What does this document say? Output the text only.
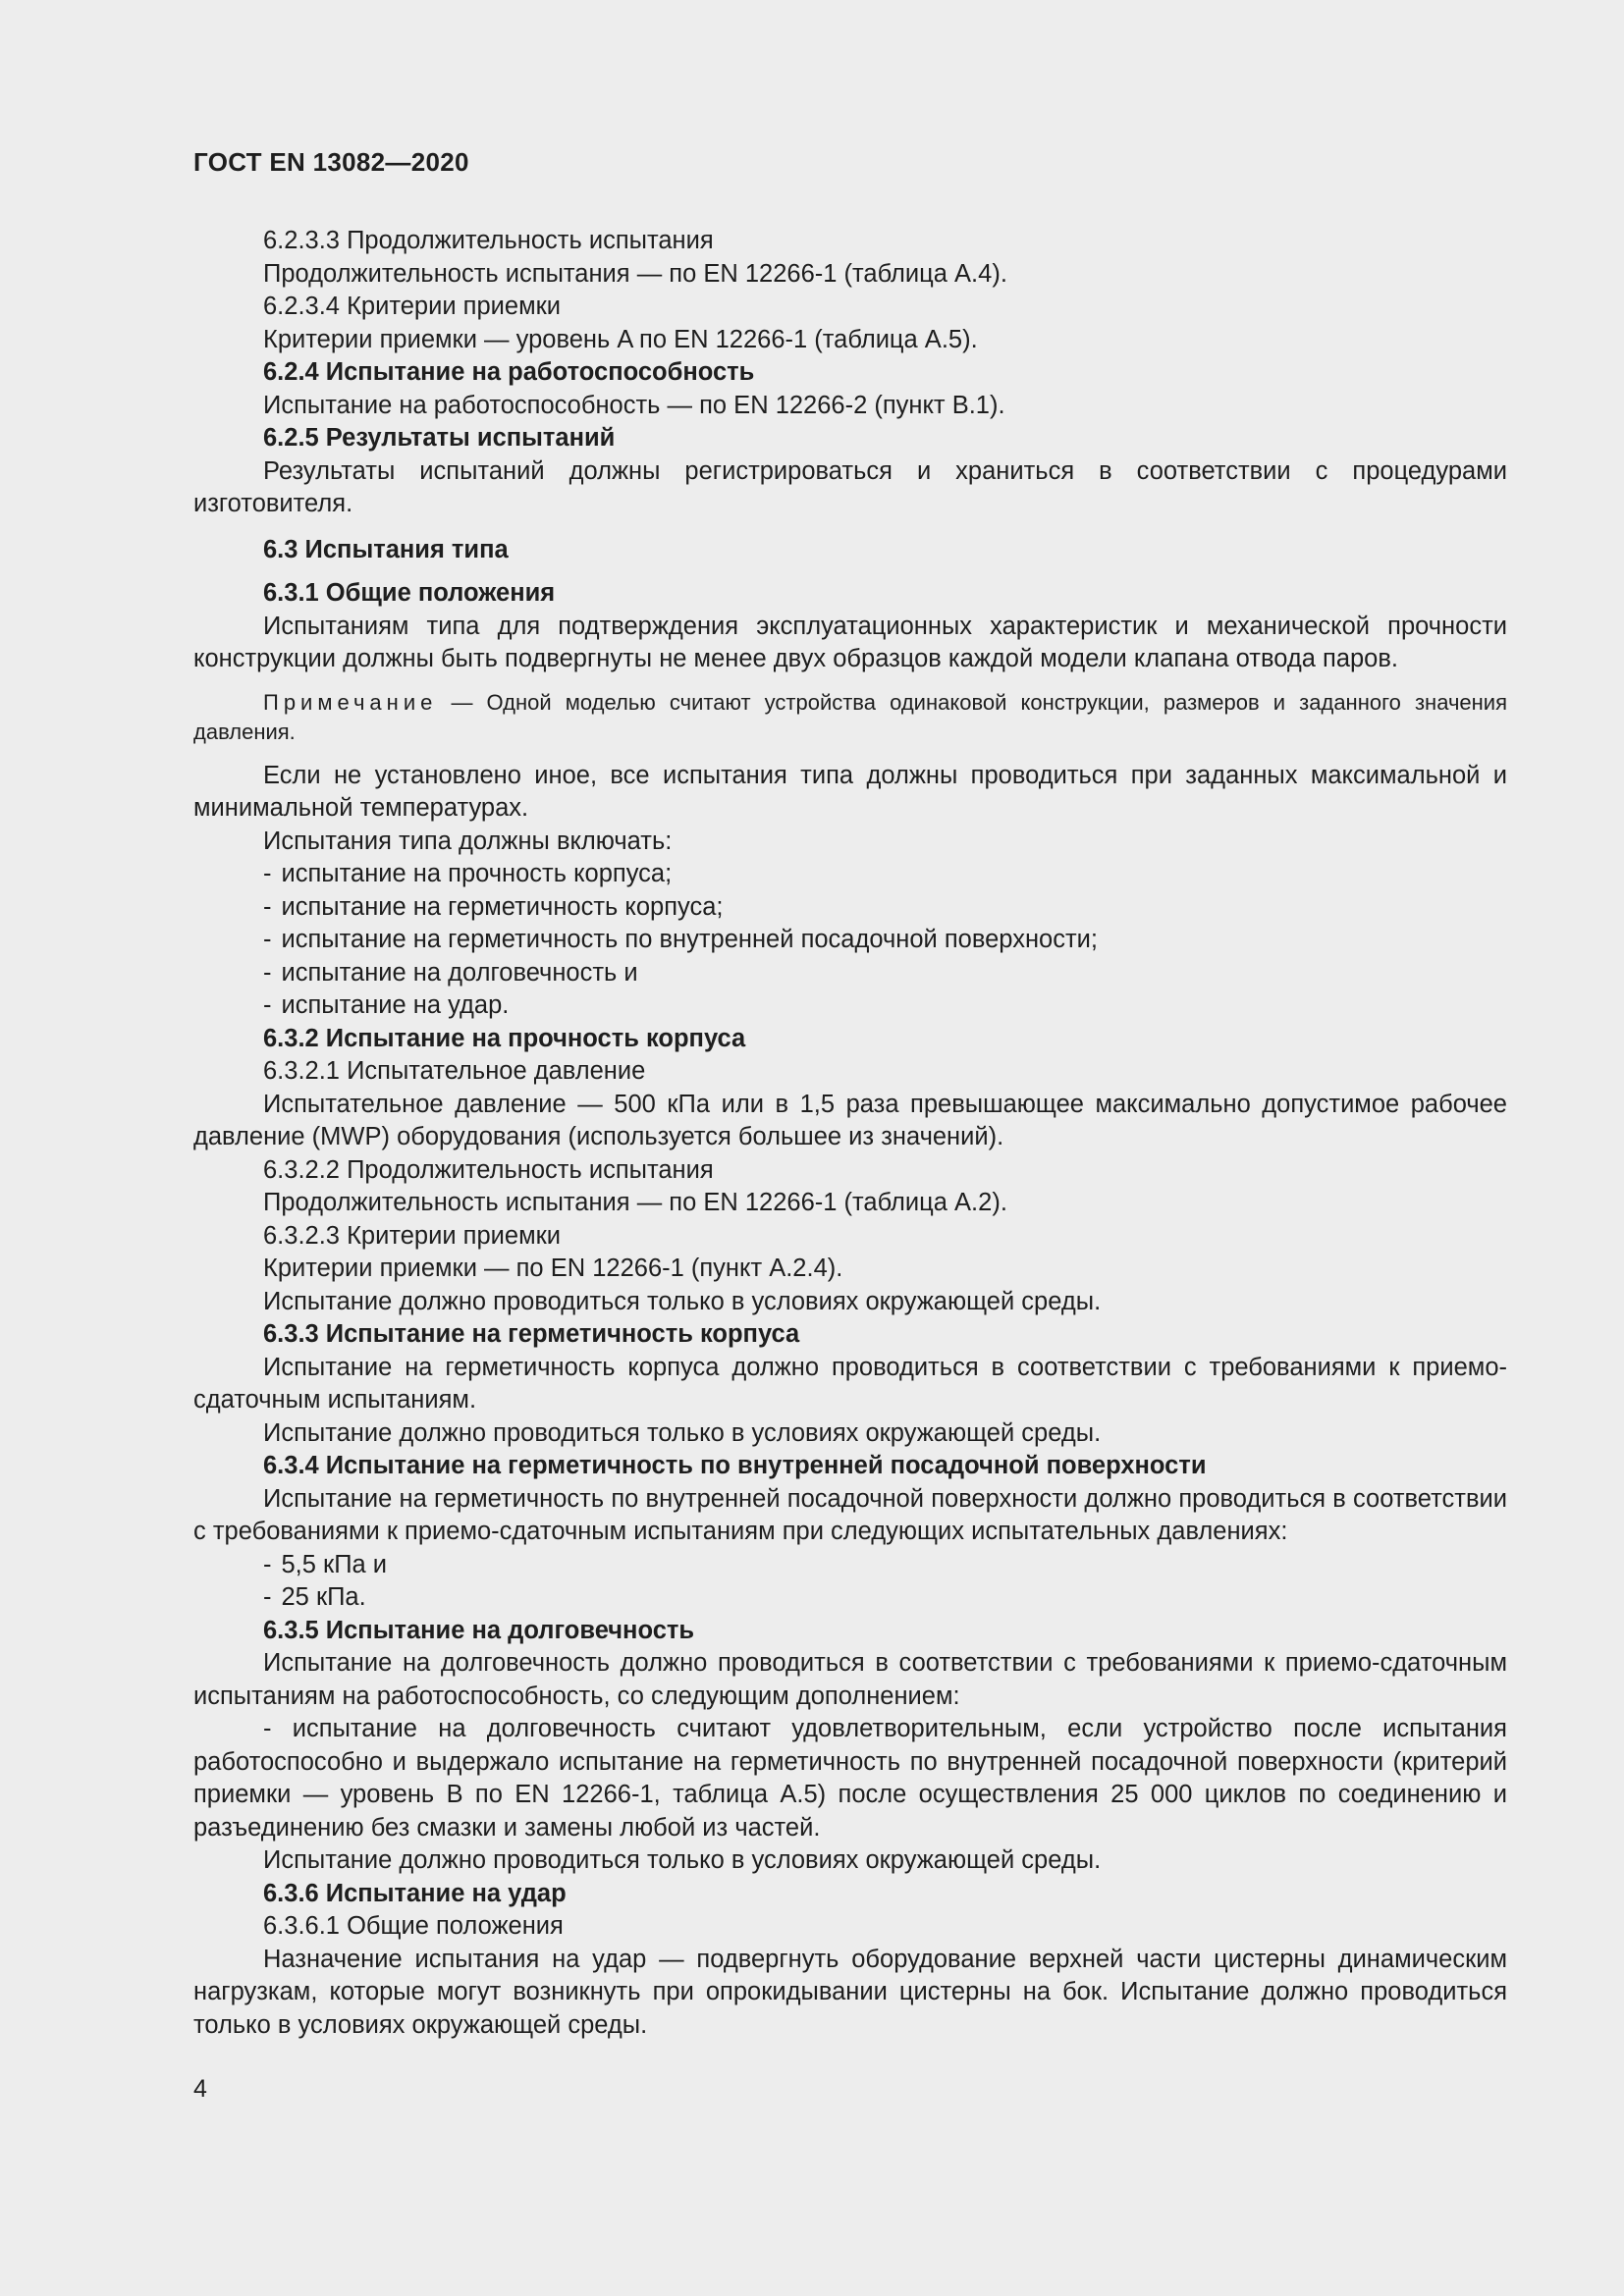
ГОСТ EN 13082—2020

6.2.3.3 Продолжительность испытания

Продолжительность испытания — по EN 12266-1 (таблица A.4).

6.2.3.4 Критерии приемки

Критерии приемки — уровень A по EN 12266-1 (таблица A.5).

6.2.4 Испытание на работоспособность

Испытание на работоспособность — по EN 12266-2 (пункт B.1).

6.2.5 Результаты испытаний

Результаты испытаний должны регистрироваться и храниться в соответствии с процедурами изготовителя.

6.3 Испытания типа

6.3.1 Общие положения

Испытаниям типа для подтверждения эксплуатационных характеристик и механической прочности конструкции должны быть подвергнуты не менее двух образцов каждой модели клапана отвода паров.

Примечание — Одной моделью считают устройства одинаковой конструкции, размеров и заданного значения давления.

Если не установлено иное, все испытания типа должны проводиться при заданных максимальной и минимальной температурах.

Испытания типа должны включать:

- испытание на прочность корпуса;

- испытание на герметичность корпуса;

- испытание на герметичность по внутренней посадочной поверхности;

- испытание на долговечность и

- испытание на удар.

6.3.2 Испытание на прочность корпуса

6.3.2.1 Испытательное давление

Испытательное давление — 500 кПа или в 1,5 раза превышающее максимально допустимое рабочее давление (MWP) оборудования (используется большее из значений).

6.3.2.2 Продолжительность испытания

Продолжительность испытания — по EN 12266-1 (таблица A.2).

6.3.2.3 Критерии приемки

Критерии приемки — по EN 12266-1 (пункт A.2.4).

Испытание должно проводиться только в условиях окружающей среды.

6.3.3 Испытание на герметичность корпуса

Испытание на герметичность корпуса должно проводиться в соответствии с требованиями к приемо-сдаточным испытаниям.

Испытание должно проводиться только в условиях окружающей среды.

6.3.4 Испытание на герметичность по внутренней посадочной поверхности

Испытание на герметичность по внутренней посадочной поверхности должно проводиться в соответствии с требованиями к приемо-сдаточным испытаниям при следующих испытательных давлениях:

- 5,5 кПа и

- 25 кПа.

6.3.5 Испытание на долговечность

Испытание на долговечность должно проводиться в соответствии с требованиями к приемо-сдаточным испытаниям на работоспособность, со следующим дополнением:

- испытание на долговечность считают удовлетворительным, если устройство после испытания работоспособно и выдержало испытание на герметичность по внутренней посадочной поверхности (критерий приемки — уровень B по EN 12266-1, таблица A.5) после осуществления 25 000 циклов по соединению и разъединению без смазки и замены любой из частей.

Испытание должно проводиться только в условиях окружающей среды.

6.3.6 Испытание на удар

6.3.6.1 Общие положения

Назначение испытания на удар — подвергнуть оборудование верхней части цистерны динамическим нагрузкам, которые могут возникнуть при опрокидывании цистерны на бок. Испытание должно проводиться только в условиях окружающей среды.

4
